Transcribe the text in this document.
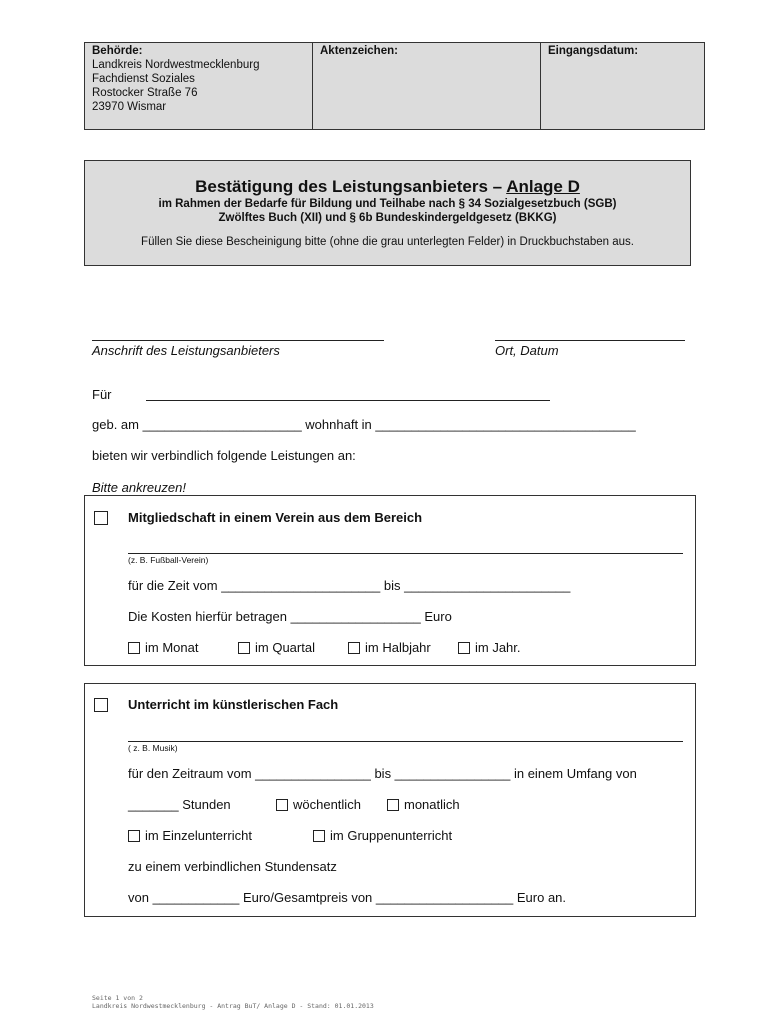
Behörde:
Landkreis Nordwestmecklenburg
Fachdienst Soziales
Rostocker Straße 76
23970 Wismar
Aktenzeichen:	Eingangsdatum:
Bestätigung des Leistungsanbieters – Anlage D
im Rahmen der Bedarfe für Bildung und Teilhabe nach § 34 Sozialgesetzbuch (SGB)
Zwölftes Buch (XII) und § 6b Bundeskindergeldgesetz (BKKG)
Füllen Sie diese Bescheinigung bitte (ohne die grau unterlegten Felder) in Druckbuchstaben aus.
Anschrift des Leistungsanbieters	Ort, Datum
Für
geb. am ______________________ wohnhaft in ____________________________________
bieten wir verbindlich folgende Leistungen an:
Bitte ankreuzen!
Mitgliedschaft in einem Verein aus dem Bereich
(z. B. Fußball-Verein)
für die Zeit vom ______________________ bis _______________________
Die Kosten hierfür betragen __________________ Euro
im Monat	im Quartal	im Halbjahr	im Jahr.
Unterricht im künstlerischen Fach
( z. B. Musik)
für den Zeitraum vom ________________ bis ________________ in einem Umfang von
_______ Stunden	wöchentlich	monatlich
im Einzelunterricht	im Gruppenunterricht
zu einem verbindlichen Stundensatz
von ____________ Euro/Gesamtpreis von ___________________ Euro an.
Seite 1 von 2
Landkreis Nordwestmecklenburg - Antrag BuT/ Anlage D - Stand: 01.01.2013
